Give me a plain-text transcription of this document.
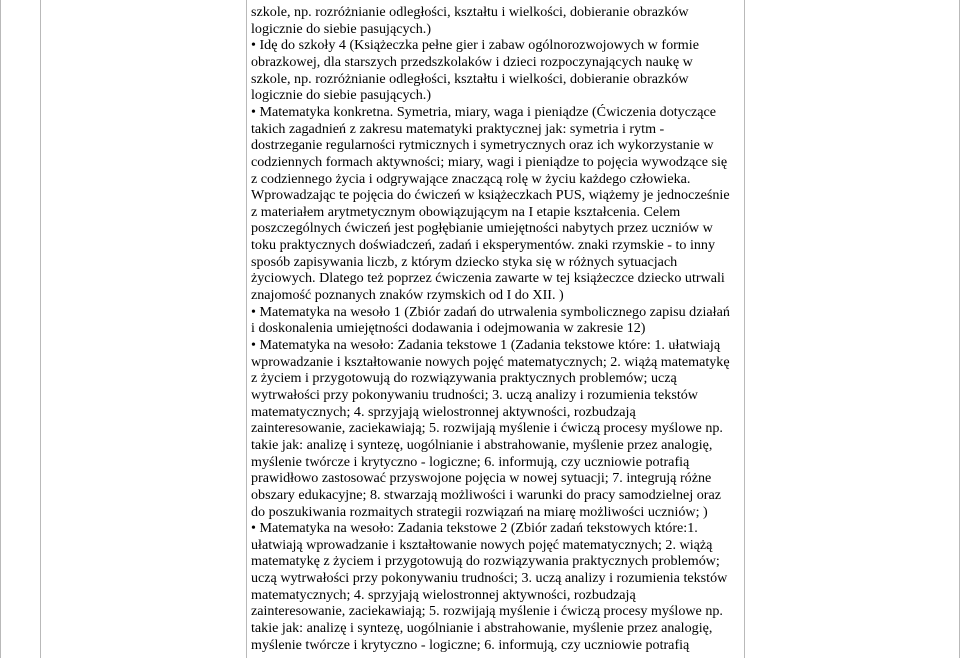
szkole, np. rozróżnianie odległości, kształtu i wielkości, dobieranie obrazków
logicznie do siebie pasujących.)
• Idę do szkoły 4 (Książeczka pełne gier i zabaw ogólnorozwojowych w formie
obrazkowej, dla starszych przedszkolaków i dzieci rozpoczynających naukę w
szkole, np. rozróżnianie odległości, kształtu i wielkości, dobieranie obrazków
logicznie do siebie pasujących.)
• Matematyka konkretna. Symetria, miary, waga i pieniądze (Ćwiczenia dotyczące
takich zagadnień z zakresu matematyki praktycznej jak: symetria i rytm -
dostrzeganie regularności rytmicznych i symetrycznych oraz ich wykorzystanie w
codziennych formach aktywności; miary, wagi i pieniądze to pojęcia wywodzące się
z codziennego życia i odgrywające znaczącą rolę w życiu każdego człowieka.
Wprowadzając te pojęcia do ćwiczeń w książeczkach PUS, wiążemy je jednocześnie
z materiałem arytmetycznym obowiązującym na I etapie kształcenia. Celem
poszczególnych ćwiczeń jest pogłębianie umiejętności nabytych przez uczniów w
toku praktycznych doświadczeń, zadań i eksperymentów. znaki rzymskie - to inny
sposób zapisywania liczb, z którym dziecko styka się w różnych sytuacjach
życiowych. Dlatego też poprzez ćwiczenia zawarte w tej książeczce dziecko utrwali
znajomość poznanych znaków rzymskich od I do XII. )
• Matematyka na wesoło 1 (Zbiór zadań do utrwalenia symbolicznego zapisu działań
i doskonalenia umiejętności dodawania i odejmowania w zakresie 12)
• Matematyka na wesoło: Zadania tekstowe 1 (Zadania tekstowe które: 1. ułatwiają
wprowadzanie i kształtowanie nowych pojęć matematycznych; 2. wiążą matematykę
z życiem i przygotowują do rozwiązywania praktycznych problemów; uczą
wytrwałości przy pokonywaniu trudności; 3. uczą analizy i rozumienia tekstów
matematycznych; 4. sprzyjają wielostronnej aktywności, rozbudzają
zainteresowanie, zaciekawiają; 5. rozwijają myślenie i ćwiczą procesy myślowe np.
takie jak: analizę i syntezę, uogólnianie i abstrahowanie, myślenie przez analogię,
myślenie twórcze i krytyczno - logiczne; 6. informują, czy uczniowie potrafią
prawidłowo zastosować przyswojone pojęcia w nowej sytuacji; 7. integrują różne
obszary edukacyjne; 8. stwarzają możliwości i warunki do pracy samodzielnej oraz
do poszukiwania rozmaitych strategii rozwiązań na miarę możliwości uczniów; )
• Matematyka na wesoło: Zadania tekstowe 2 (Zbiór zadań tekstowych które:1.
ułatwiają wprowadzanie i kształtowanie nowych pojęć matematycznych; 2. wiążą
matematykę z życiem i przygotowują do rozwiązywania praktycznych problemów;
uczą wytrwałości przy pokonywaniu trudności; 3. uczą analizy i rozumienia tekstów
matematycznych; 4. sprzyjają wielostronnej aktywności, rozbudzają
zainteresowanie, zaciekawiają; 5. rozwijają myślenie i ćwiczą procesy myślowe np.
takie jak: analizę i syntezę, uogólnianie i abstrahowanie, myślenie przez analogię,
myślenie twórcze i krytyczno - logiczne; 6. informują, czy uczniowie potrafią
